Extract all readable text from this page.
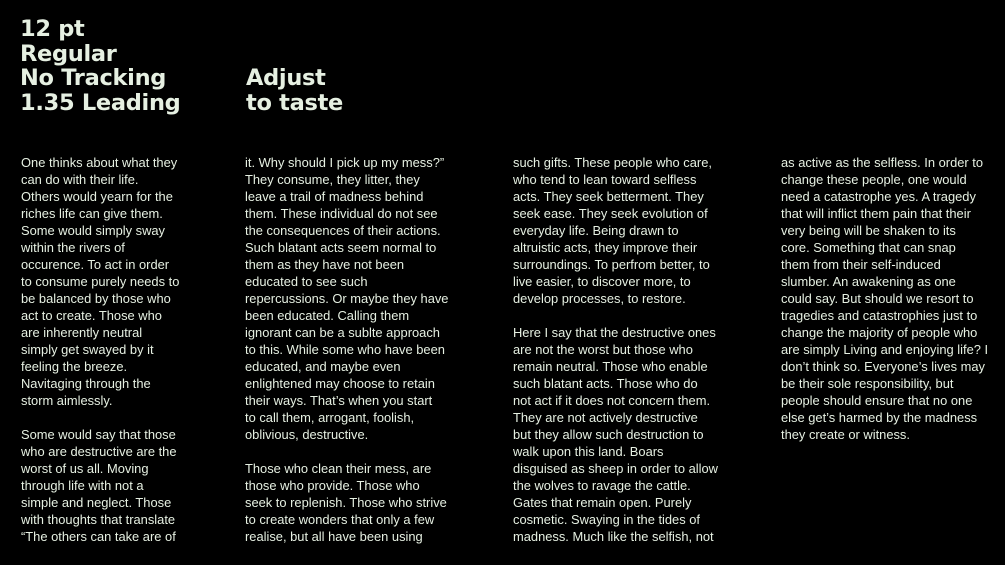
12 pt
Regular
No Tracking
1.35 Leading
Adjust
to taste

One thinks about what they
can do with their life.
Others would yearn for the
riches life can give them.
Some would simply sway
within the rivers of
occurence. To act in order
to consume purely needs to
be balanced by those who
act to create. Those who
are inherently neutral
simply get swayed by it
feeling the breeze.
Navitaging through the
storm aimlessly.

Some would say that those
who are destructive are the
worst of us all. Moving
through life with not a
simple and neglect. Those
with thoughts that translate
“The others can take are of

it. Why should I pick up my mess?”
They consume, they litter, they
leave a trail of madness behind
them. These individual do not see
the consequences of their actions.
Such blatant acts seem normal to
them as they have not been
educated to see such
repercussions. Or maybe they have
been educated. Calling them
ignorant can be a sublte approach
to this. While some who have been
educated, and maybe even
enlightened may choose to retain
their ways. That’s when you start
to call them, arrogant, foolish,
oblivious, destructive.

Those who clean their mess, are
those who provide. Those who
seek to replenish. Those who strive
to create wonders that only a few
realise, but all have been using

such gifts. These people who care,
who tend to lean toward selfless
acts. They seek betterment. They
seek ease. They seek evolution of
everyday life. Being drawn to
altruistic acts, they improve their
surroundings. To perfrom better, to
live easier, to discover more, to
develop processes, to restore.

Here I say that the destructive ones
are not the worst but those who
remain neutral. Those who enable
such blatant acts. Those who do
not act if it does not concern them.
They are not actively destructive
but they allow such destruction to
walk upon this land. Boars
disguised as sheep in order to allow
the wolves to ravage the cattle.
Gates that remain open. Purely
cosmetic. Swaying in the tides of
madness. Much like the selfish, not

as active as the selfless. In order to
change these people, one would
need a catastrophe yes. A tragedy
that will inflict them pain that their
very being will be shaken to its
core. Something that can snap
them from their self-induced
slumber. An awakening as one
could say. But should we resort to
tragedies and catastrophies just to
change the majority of people who
are simply Living and enjoying life? I
don’t think so. Everyone’s lives may
be their sole responsibility, but
people should ensure that no one
else get’s harmed by the madness
they create or witness.
